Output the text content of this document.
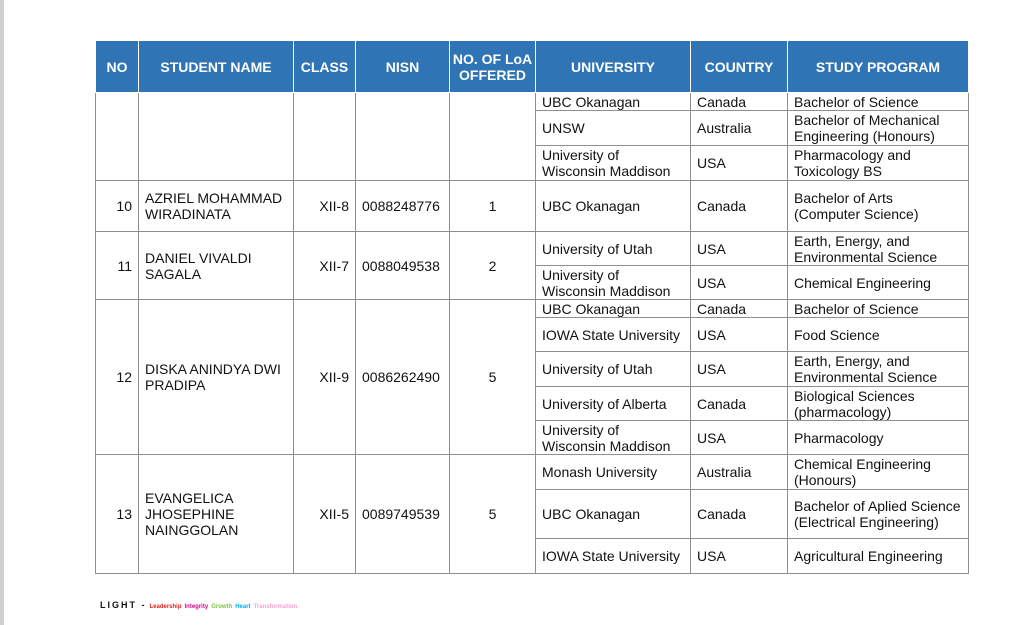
NO	STUDENT NAME	CLASS	NISN	NO. OF LoA OFFERED	UNIVERSITY	COUNTRY	STUDY PROGRAM
					UBC Okanagan	Canada	Bachelor of Science
					UNSW	Australia	Bachelor of Mechanical Engineering (Honours)
					University of Wisconsin Maddison	USA	Pharmacology and Toxicology BS
10	AZRIEL MOHAMMAD WIRADINATA	XII-8	0088248776	1	UBC Okanagan	Canada	Bachelor of Arts (Computer Science)
11	DANIEL VIVALDI SAGALA	XII-7	0088049538	2	University of Utah	USA	Earth, Energy, and Environmental Science
					University of Wisconsin Maddison	USA	Chemical Engineering
12	DISKA ANINDYA DWI PRADIPA	XII-9	0086262490	5	UBC Okanagan	Canada	Bachelor of Science
					IOWA State University	USA	Food Science
					University of Utah	USA	Earth, Energy, and Environmental Science
					University of Alberta	Canada	Biological Sciences (pharmacology)
					University of Wisconsin Maddison	USA	Pharmacology
13	EVANGELICA JHOSEPHINE NAINGGOLAN	XII-5	0089749539	5	Monash University	Australia	Chemical Engineering (Honours)
					UBC Okanagan	Canada	Bachelor of Aplied Science (Electrical Engineering)
					IOWA State University	USA	Agricultural Engineering
LIGHT - Leadership Integrity Growth Heart Transformation
